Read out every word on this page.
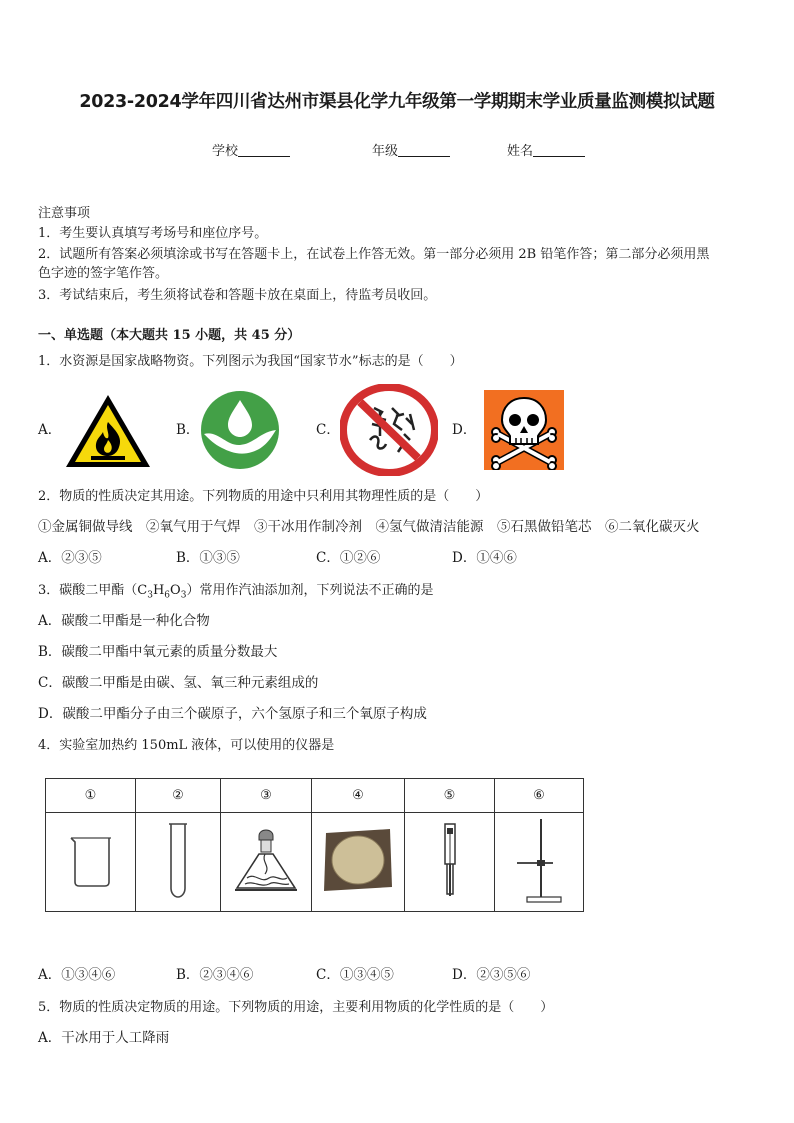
2023-2024学年四川省达州市渠县化学九年级第一学期期末学业质量监测模拟试题
学校	年级	姓名
注意事项
1．考生要认真填写考场号和座位序号。
2．试题所有答案必须填涂或书写在答题卡上，在试卷上作答无效。第一部分必须用 2B 铅笔作答；第二部分必须用黑
色字迹的签字笔作答。
3．考试结束后，考生须将试卷和答题卡放在桌面上，待监考员收回。
一、单选题（本大题共 15 小题，共 45 分）
1．水资源是国家战略物资。下列图示为我国“国家节水”标志的是（　　）
A．	B．	C．	D．
2．物质的性质决定其用途。下列物质的用途中只利用其物理性质的是（　　）
①金属铜做导线　②氧气用于气焊　③干冰用作制冷剂　④氢气做清洁能源　⑤石黑做铅笔芯　⑥二氧化碳灭火
A．②③⑤	B．①③⑤	C．①②⑥	D．①④⑥
3．碳酸二甲酯$(C_3H_6O_3)$常用作汽油添加剂，下列说法不正确的是
A．碳酸二甲酯是一种化合物
B．碳酸二甲酯中氧元素的质量分数最大
C．碳酸二甲酯是由碳、氢、氧三种元素组成的
D．碳酸二甲酯分子由三个碳原子，六个氢原子和三个氧原子构成
4．实验室加热约 150mL 液体，可以使用的仪器是
①	②	③	④	⑤	⑥

A．①③④⑥	B．②③④⑥	C．①③④⑤	D．②③⑤⑥
5．物质的性质决定物质的用途。下列物质的用途，主要利用物质的化学性质的是（　　）
A．干冰用于人工降雨
